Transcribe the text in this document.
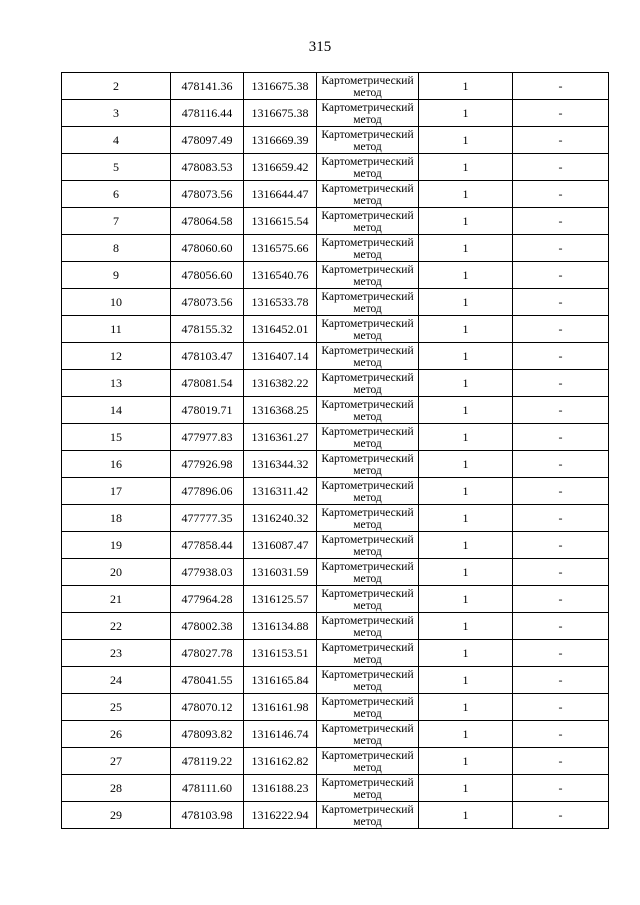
315
2	478141.36	1316675.38	Картометрический метод	1	-
3	478116.44	1316675.38	Картометрический метод	1	-
4	478097.49	1316669.39	Картометрический метод	1	-
5	478083.53	1316659.42	Картометрический метод	1	-
6	478073.56	1316644.47	Картометрический метод	1	-
7	478064.58	1316615.54	Картометрический метод	1	-
8	478060.60	1316575.66	Картометрический метод	1	-
9	478056.60	1316540.76	Картометрический метод	1	-
10	478073.56	1316533.78	Картометрический метод	1	-
11	478155.32	1316452.01	Картометрический метод	1	-
12	478103.47	1316407.14	Картометрический метод	1	-
13	478081.54	1316382.22	Картометрический метод	1	-
14	478019.71	1316368.25	Картометрический метод	1	-
15	477977.83	1316361.27	Картометрический метод	1	-
16	477926.98	1316344.32	Картометрический метод	1	-
17	477896.06	1316311.42	Картометрический метод	1	-
18	477777.35	1316240.32	Картометрический метод	1	-
19	477858.44	1316087.47	Картометрический метод	1	-
20	477938.03	1316031.59	Картометрический метод	1	-
21	477964.28	1316125.57	Картометрический метод	1	-
22	478002.38	1316134.88	Картометрический метод	1	-
23	478027.78	1316153.51	Картометрический метод	1	-
24	478041.55	1316165.84	Картометрический метод	1	-
25	478070.12	1316161.98	Картометрический метод	1	-
26	478093.82	1316146.74	Картометрический метод	1	-
27	478119.22	1316162.82	Картометрический метод	1	-
28	478111.60	1316188.23	Картометрический метод	1	-
29	478103.98	1316222.94	Картометрический метод	1	-
